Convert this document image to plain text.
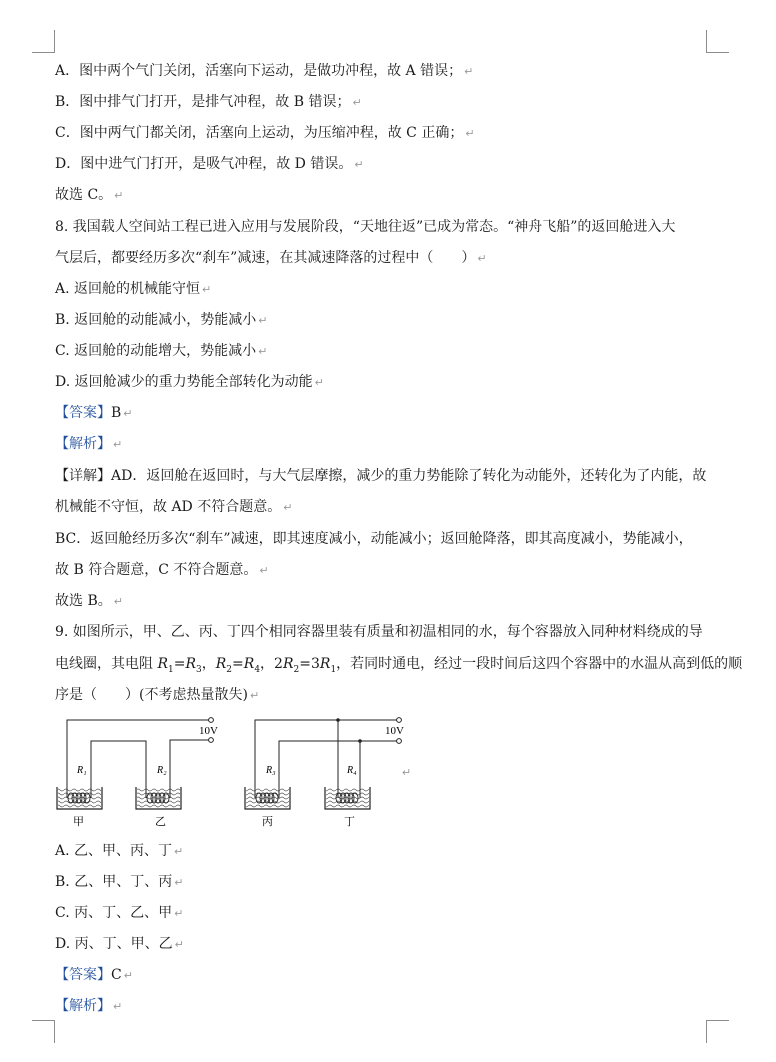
A．图中两个气门关闭，活塞向下运动，是做功冲程，故 A 错误； ↵
B．图中排气门打开，是排气冲程，故 B 错误； ↵
C．图中两气门都关闭，活塞向上运动，为压缩冲程，故 C 正确； ↵
D．图中进气门打开，是吸气冲程，故 D 错误。 ↵
故选 C。 ↵
8. 我国载人空间站工程已进入应用与发展阶段，“天地往返”已成为常态。“神舟飞船”的返回舱进入大
气层后，都要经历多次“刹车”减速，在其减速降落的过程中（　　） ↵
A. 返回舱的机械能守恒 ↵
B. 返回舱的动能减小，势能减小 ↵
C. 返回舱的动能增大，势能减小 ↵
D. 返回舱减少的重力势能全部转化为动能 ↵
【答案】B ↵
【解析】 ↵
【详解】AD．返回舱在返回时，与大气层摩擦，减少的重力势能除了转化为动能外，还转化为了内能，故
机械能不守恒，故 AD 不符合题意。 ↵
BC．返回舱经历多次“刹车”减速，即其速度减小，动能减小；返回舱降落，即其高度减小，势能减小，
故 B 符合题意，C 不符合题意。 ↵
故选 B。 ↵
9. 如图所示，甲、乙、丙、丁四个相同容器里装有质量和初温相同的水，每个容器放入同种材料绕成的导
电线圈，其电阻 $R_1=R_3$，$R_2=R_4$，$2R_2=3R_1$，若同时通电，经过一段时间后这四个容器中的水温从高到低的顺
序是（　　）(不考虑热量散失) ↵
10V
R₁	R₂
甲	乙
10V
R₃	R₄
丙	丁
↵
A. 乙、甲、丙、丁 ↵
B. 乙、甲、丁、丙 ↵
C. 丙、丁、乙、甲 ↵
D. 丙、丁、甲、乙 ↵
【答案】C ↵
【解析】 ↵
